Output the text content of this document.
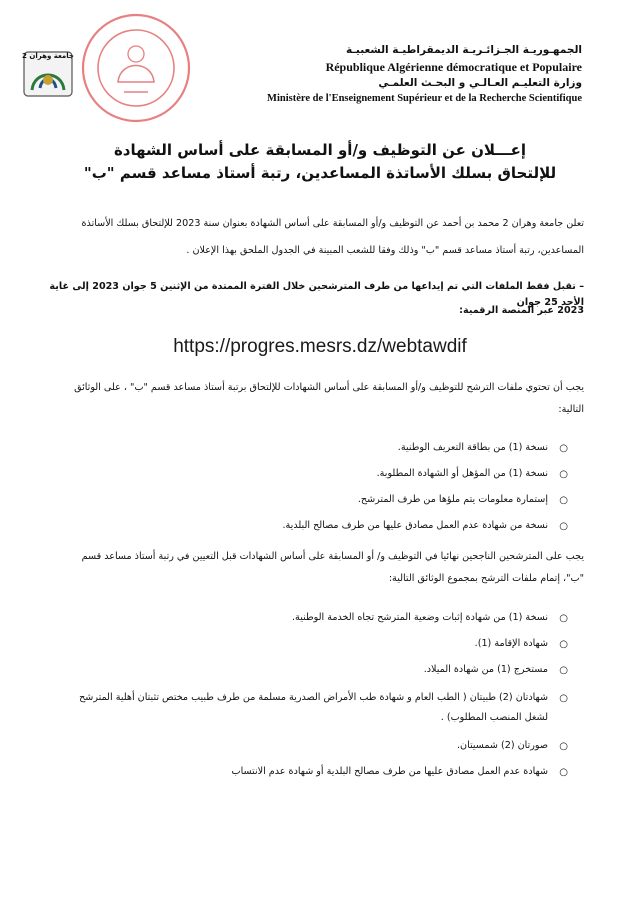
جامعة وهران 2	الجمهـوريـة الجـزائـريـة الديمقراطيـة الشعبيـة
République Algérienne démocratique et Populaire
وزارة التعليـم العـالـي و البحـث العلمـي
Ministère de l'Enseignement Supérieur et de la Recherche Scientifique
إعـــلان عن التوظيف و/أو المسابقة على أساس الشهادة
للإلتحاق بسلك الأساتذة المساعدين، رتبة أستاذ مساعد قسم "ب"
تعلن جامعة وهران 2 محمد بن أحمد عن التوظيف و/أو المسابقة على أساس الشهادة بعنوان سنة 2023 للإلتحاق بسلك الأساتذة
المساعدين، رتبة أستاذ مساعد قسم "ب" وذلك وفقا للشعب المبينة في الجدول الملحق بهذا الإعلان .
– تقبل فقط الملفات التي تم إيداعها من طرف المترشحين خلال الفترة الممتدة من الإثنين 5 جوان 2023 إلى غاية الأحد 25 جوان
2023 عبر المنصة الرقمية:
https://progres.mesrs.dz/webtawdif
يجب أن تحتوي ملفات الترشح للتوظيف و/أو المسابقة على أساس الشهادات للإلتحاق برتبة أستاذ مساعد قسم "ب" ، على الوثائق
التالية:
○
نسخة (1) من بطاقة التعريف الوطنية.
○
نسخة (1) من المؤهل أو الشهادة المطلوبة.
○
إستمارة معلومات يتم ملؤها من طرف المترشح.
○
نسخة من شهادة عدم العمل مصادق عليها من طرف مصالح البلدية.
يجب على المترشحين الناجحين نهائيا في التوظيف و/ أو المسابقة على أساس الشهادات قبل التعيين في رتبة أستاذ مساعد قسم
"ب"، إتمام ملفات الترشح بمجموع الوثائق التالية:
○
نسخة (1) من شهادة إثبات وضعية المترشح تجاه الخدمة الوطنية.
○
شهادة الإقامة (1).
○
مستخرج (1) من شهادة الميلاد.
○
شهادتان (2) طبيتان ( الطب العام و شهادة طب الأمراض الصدرية مسلمة من طرف طبيب مختص تثبتان أهلية المترشح لشغل المنصب المطلوب) .
○
صورتان (2) شمسيتان.
○
شهادة عدم العمل مصادق عليها من طرف مصالح البلدية أو شهادة عدم الانتساب
